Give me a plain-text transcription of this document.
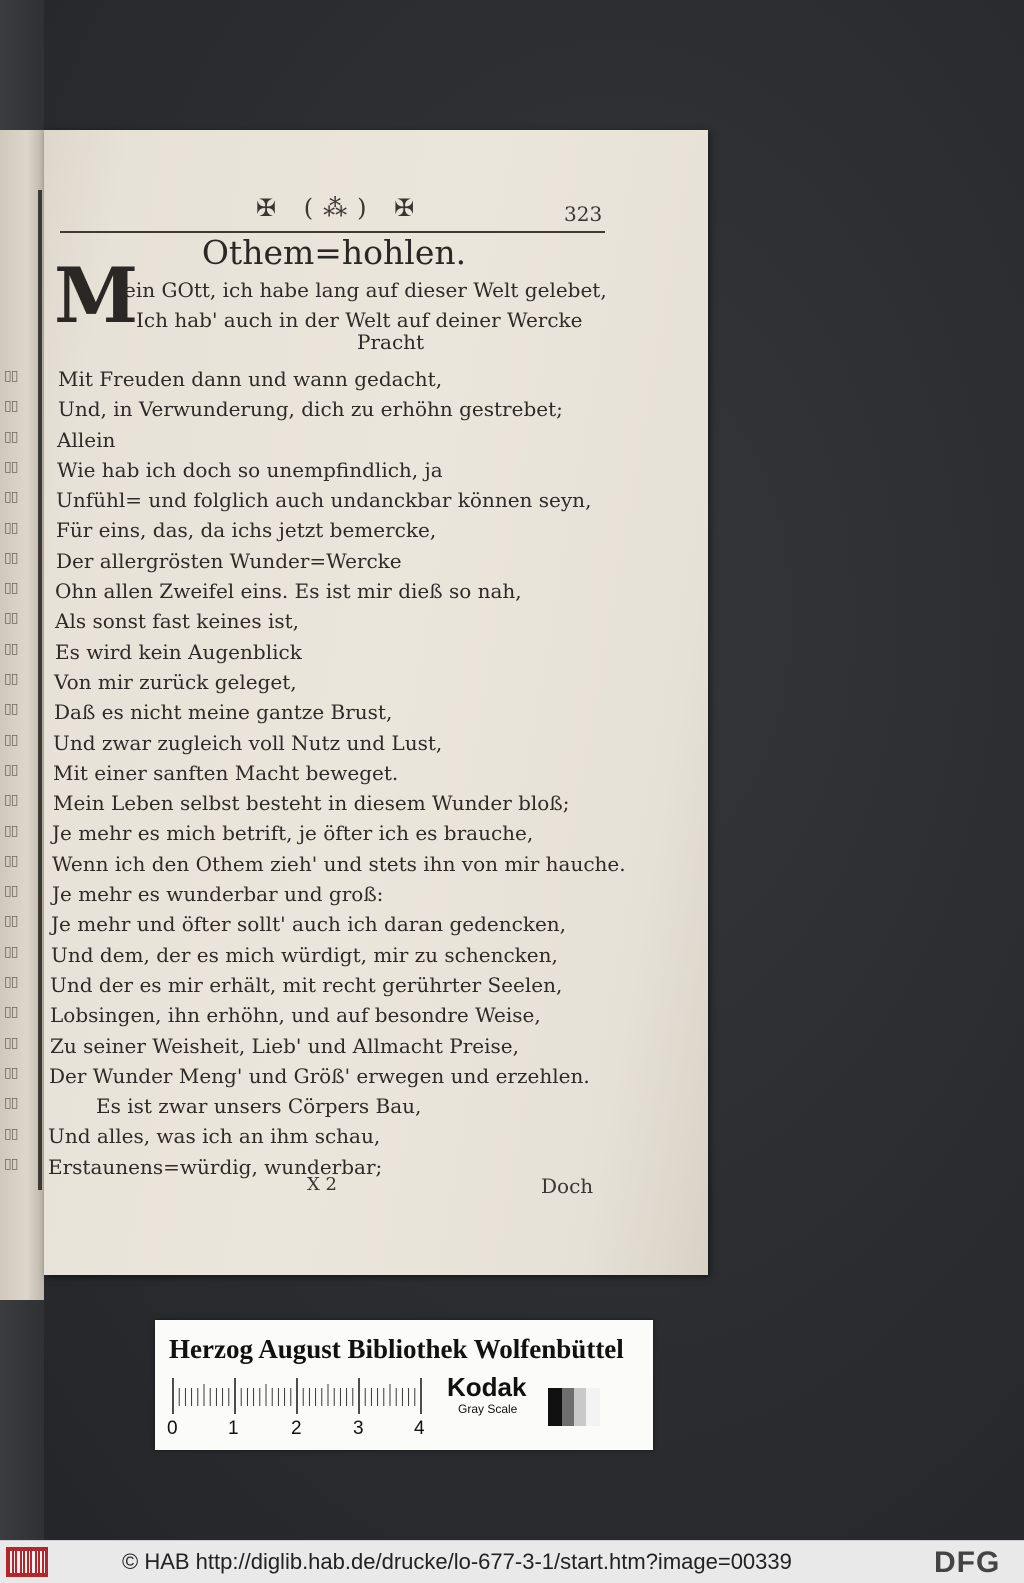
▯▯
▯▯
▯▯
▯▯
▯▯
▯▯
▯▯
▯▯
▯▯
▯▯
▯▯
▯▯
▯▯
▯▯
▯▯
▯▯
▯▯
▯▯
▯▯
▯▯
▯▯
▯▯
▯▯
▯▯
▯▯
▯▯
▯▯
✠ (⁂) ✠	323
Othem=hohlen.
M
ein GOtt, ich habe lang auf dieser Welt gelebet,
Ich hab' auch in der Welt auf deiner Wercke
Pracht
Mit Freuden dann und wann gedacht,
Und, in Verwunderung, dich zu erhöhn gestrebet;
Allein
Wie hab ich doch so unempfindlich, ja
Unfühl= und folglich auch undanckbar können seyn,
Für eins, das, da ichs jetzt bemercke,
Der allergrösten Wunder=Wercke
Ohn allen Zweifel eins. Es ist mir dieß so nah,
Als sonst fast keines ist,
Es wird kein Augenblick
Von mir zurück geleget,
Daß es nicht meine gantze Brust,
Und zwar zugleich voll Nutz und Lust,
Mit einer sanften Macht beweget.
Mein Leben selbst besteht in diesem Wunder bloß;
Je mehr es mich betrift, je öfter ich es brauche,
Wenn ich den Othem zieh' und stets ihn von mir hauche.
Je mehr es wunderbar und groß:
Je mehr und öfter sollt' auch ich daran gedencken,
Und dem, der es mich würdigt, mir zu schencken,
Und der es mir erhält, mit recht gerührter Seelen,
Lobsingen, ihn erhöhn, und auf besondre Weise,
Zu seiner Weisheit, Lieb' und Allmacht Preise,
Der Wunder Meng' und Größ' erwegen und erzehlen.
Es ist zwar unsers Cörpers Bau,
Und alles, was ich an ihm schau,
Erstaunens=würdig, wunderbar;
X 2	Doch
Herzog August Bibliothek Wolfenbüttel
0	1	2	3	4
Kodak
Gray Scale
© HAB http://diglib.hab.de/drucke/lo-677-3-1/start.htm?image=00339	DFG
